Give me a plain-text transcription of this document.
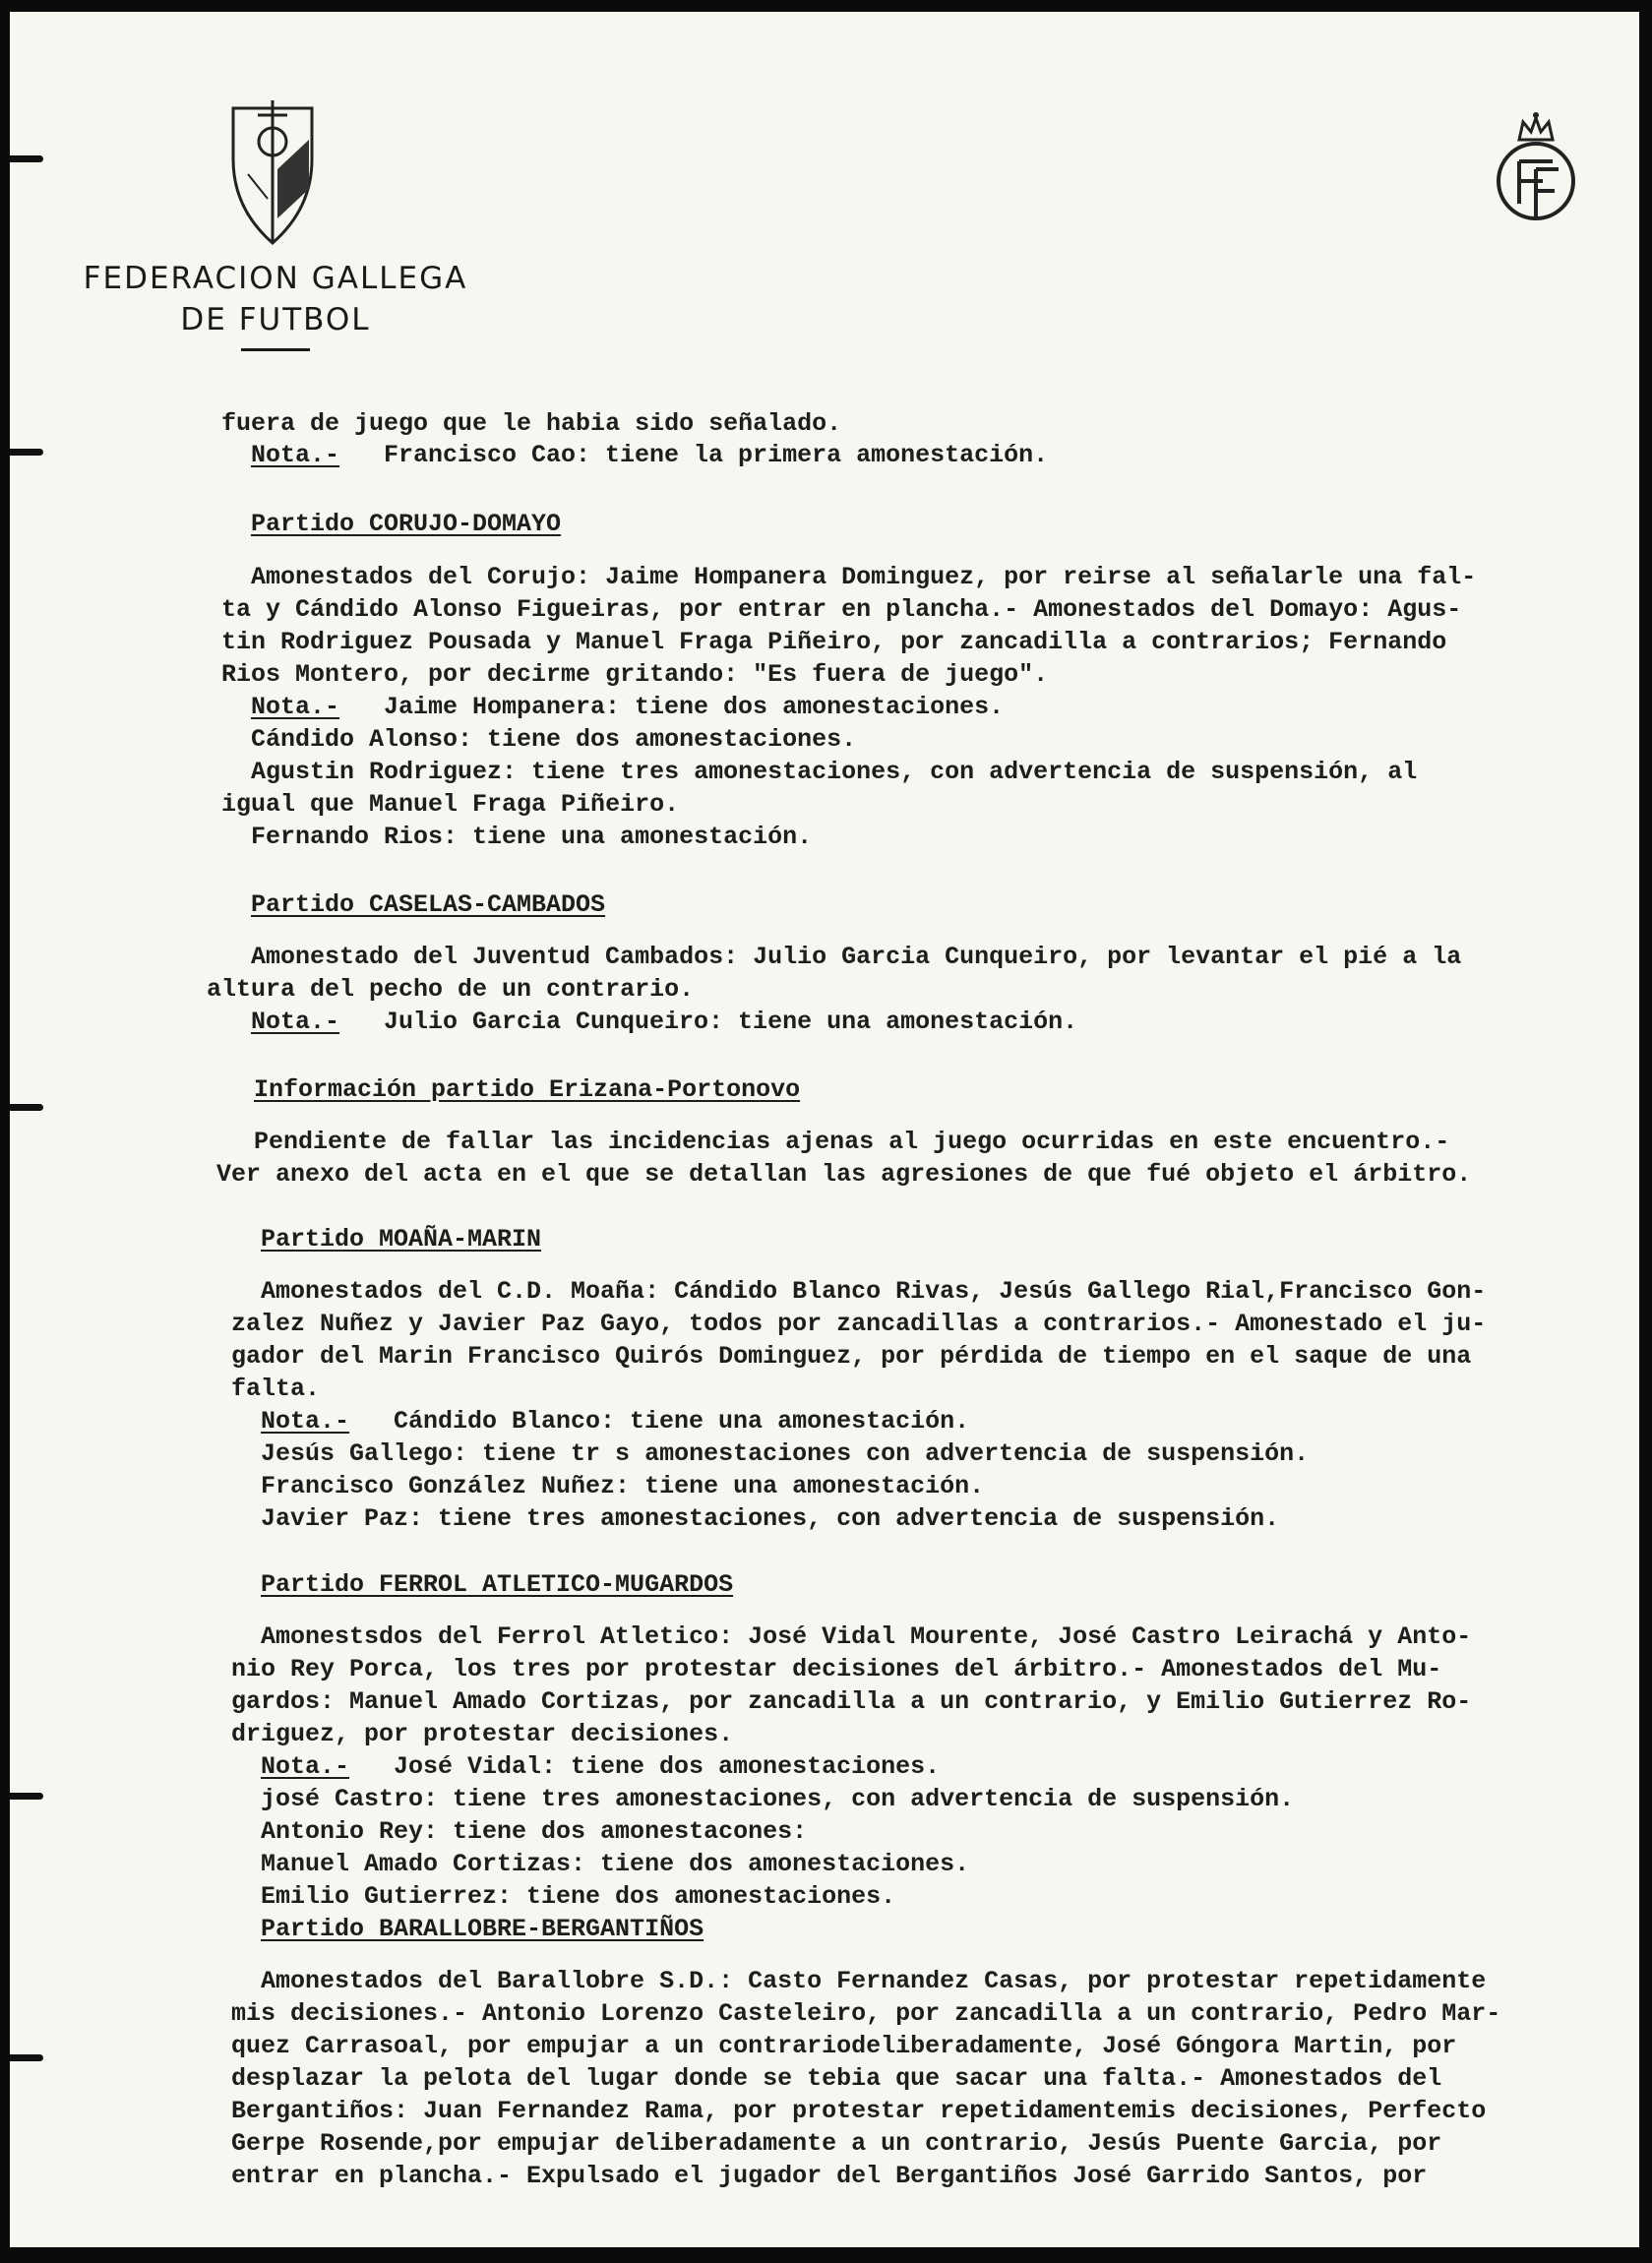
FEDERACION GALLEGA
DE FUTBOL
fuera de juego que le habia sido señalado.
Nota.- Francisco Cao: tiene la primera amonestación.
Partido CORUJO-DOMAYO
Amonestados del Corujo: Jaime Hompanera Dominguez, por reirse al señalarle una fal-
ta y Cándido Alonso Figueiras, por entrar en plancha.- Amonestados del Domayo: Agus-
tin Rodriguez Pousada y Manuel Fraga Piñeiro, por zancadilla a contrarios; Fernando
Rios Montero, por decirme gritando: "Es fuera de juego".
Nota.- Jaime Hompanera: tiene dos amonestaciones.
Cándido Alonso: tiene dos amonestaciones.
Agustin Rodriguez: tiene tres amonestaciones, con advertencia de suspensión, al
igual que Manuel Fraga Piñeiro.
Fernando Rios: tiene una amonestación.
Partido CASELAS-CAMBADOS
Amonestado del Juventud Cambados: Julio Garcia Cunqueiro, por levantar el pié a la
altura del pecho de un contrario.
Nota.- Julio Garcia Cunqueiro: tiene una amonestación.
Información partido Erizana-Portonovo
Pendiente de fallar las incidencias ajenas al juego ocurridas en este encuentro.-
Ver anexo del acta en el que se detallan las agresiones de que fué objeto el árbitro.
Partido MOAÑA-MARIN
Amonestados del C.D. Moaña: Cándido Blanco Rivas, Jesús Gallego Rial,Francisco Gon-
zalez Nuñez y Javier Paz Gayo, todos por zancadillas a contrarios.- Amonestado el ju-
gador del Marin Francisco Quirós Dominguez, por pérdida de tiempo en el saque de una
falta.
Nota.- Cándido Blanco: tiene una amonestación.
Jesús Gallego: tiene tr s amonestaciones con advertencia de suspensión.
Francisco González Nuñez: tiene una amonestación.
Javier Paz: tiene tres amonestaciones, con advertencia de suspensión.
Partido FERROL ATLETICO-MUGARDOS
Amonestsdos del Ferrol Atletico: José Vidal Mourente, José Castro Leirachá y Anto-
nio Rey Porca, los tres por protestar decisiones del árbitro.- Amonestados del Mu-
gardos: Manuel Amado Cortizas, por zancadilla a un contrario, y Emilio Gutierrez Ro-
driguez, por protestar decisiones.
Nota.- José Vidal: tiene dos amonestaciones.
josé Castro: tiene tres amonestaciones, con advertencia de suspensión.
Antonio Rey: tiene dos amonestacones:
Manuel Amado Cortizas: tiene dos amonestaciones.
Emilio Gutierrez: tiene dos amonestaciones.
Partido BARALLOBRE-BERGANTIÑOS
Amonestados del Barallobre S.D.: Casto Fernandez Casas, por protestar repetidamente
mis decisiones.- Antonio Lorenzo Casteleiro, por zancadilla a un contrario, Pedro Mar-
quez Carrasoal, por empujar a un contrariodeliberadamente, José Góngora Martin, por
desplazar la pelota del lugar donde se tebia que sacar una falta.- Amonestados del
Bergantiños: Juan Fernandez Rama, por protestar repetidamentemis decisiones, Perfecto
Gerpe Rosende,por empujar deliberadamente a un contrario, Jesús Puente Garcia, por
entrar en plancha.- Expulsado el jugador del Bergantiños José Garrido Santos, por
